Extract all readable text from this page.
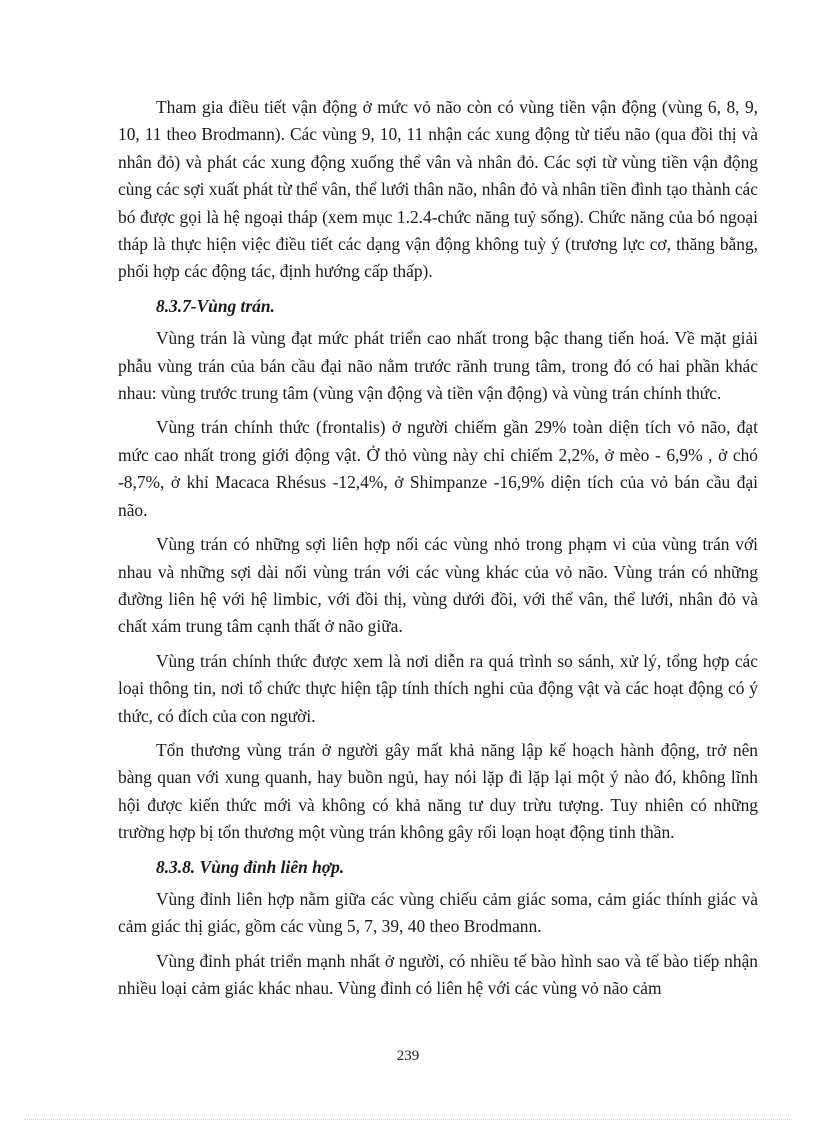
Tham gia điều tiết vận động ở mức vỏ não còn có vùng tiền vận động (vùng 6, 8, 9, 10, 11 theo Brodmann). Các vùng 9, 10, 11 nhận các xung động từ tiểu não (qua đồi thị và nhân đỏ) và phát các xung động xuống thể vân và nhân đỏ. Các sợi từ vùng tiền vận động cùng các sợi xuất phát từ thể vân, thể lưới thân não, nhân đỏ và nhân tiền đình tạo thành các bó được gọi là hệ ngoại tháp (xem mục 1.2.4-chức năng tuỷ sống). Chức năng của bó ngoại tháp là thực hiện việc điều tiết các dạng vận động không tuỳ ý (trương lực cơ, thăng bằng, phối hợp các động tác, định hướng cấp thấp).

8.3.7-Vùng trán.

Vùng trán là vùng đạt mức phát triển cao nhất trong bậc thang tiến hoá. Về mặt giải phẫu vùng trán của bán cầu đại não nằm trước rãnh trung tâm, trong đó có hai phần khác nhau: vùng trước trung tâm (vùng vận động và tiền vận động) và vùng trán chính thức.

Vùng trán chính thức (frontalis) ở người chiếm gần 29% toàn diện tích vỏ não, đạt mức cao nhất trong giới động vật. Ở thỏ vùng này chỉ chiếm 2,2%, ở mèo - 6,9% , ở chó -8,7%, ở khỉ Macaca Rhésus -12,4%, ở Shimpanze -16,9% diện tích của vỏ bán cầu đại não.

Vùng trán có những sợi liên hợp nối các vùng nhỏ trong phạm vi của vùng trán với nhau và những sợi dài nối vùng trán với các vùng khác của vỏ não. Vùng trán có những đường liên hệ với hệ limbic, với đồi thị, vùng dưới đồi, với thể vân, thể lưới, nhân đỏ và chất xám trung tâm cạnh thất ở não giữa.

Vùng trán chính thức được xem là nơi diễn ra quá trình so sánh, xử lý, tổng hợp các loại thông tin, nơi tổ chức thực hiện tập tính thích nghi của động vật và các hoạt động có ý thức, có đích của con người.

Tổn thương vùng trán ở người gây mất khả năng lập kế hoạch hành động, trở nên bàng quan với xung quanh, hay buồn ngủ, hay nói lặp đi lặp lại một ý nào đó, không lĩnh hội được kiến thức mới và không có khả năng tư duy trừu tượng. Tuy nhiên có những trường hợp bị tổn thương một vùng trán không gây rối loạn hoạt động tinh thần.

8.3.8. Vùng đỉnh liên hợp.

Vùng đỉnh liên hợp nằm giữa các vùng chiếu cảm giác soma, cảm giác thính giác và cảm giác thị giác, gồm các vùng 5, 7, 39, 40 theo Brodmann.

Vùng đỉnh phát triển mạnh nhất ở người, có nhiều tế bào hình sao và tế bào tiếp nhận nhiều loại cảm giác khác nhau. Vùng đỉnh có liên hệ với các vùng vỏ não cảm

239
